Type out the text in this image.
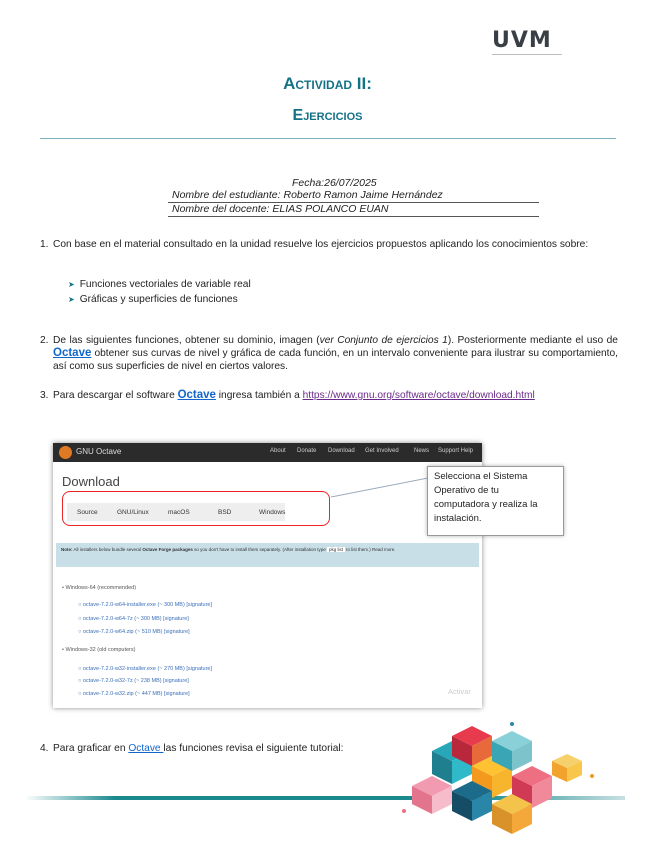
UVM
Actividad II:
Ejercicios
Fecha:26/07/2025
Nombre del estudiante: Roberto Ramon Jaime Hernández
Nombre del docente: ELIAS POLANCO EUAN
1. Con base en el material consultado en la unidad resuelve los ejercicios propuestos aplicando los conocimientos sobre:
➤ Funciones vectoriales de variable real
➤ Gráficas y superficies de funciones
2. De las siguientes funciones, obtener su dominio, imagen (ver Conjunto de ejercicios 1). Posteriormente mediante el uso de Octave obtener sus curvas de nivel y gráfica de cada función, en un intervalo conveniente para ilustrar su comportamiento, así como sus superficies de nivel en ciertos valores.
3. Para descargar el software Octave ingresa también a https://www.gnu.org/software/octave/download.html
GNU Octave	About Donate Download Get Involved	News Support Help
Download
Source	GNU/Linux	macOS	BSD	Windows
Note: All installers below bundle several Octave Forge packages so you don't have to install them separately. (After installation type pkg list to list them.) Read more.
• Windows-64 (recommended)
○ octave-7.2.0-w64-installer.exe (~ 300 MB) [signature]
○ octave-7.2.0-w64-7z (~ 300 MB) [signature]
○ octave-7.2.0-w64.zip (~ 510 MB) [signature]
• Windows-32 (old computers)
○ octave-7.2.0-w32-installer.exe (~ 270 MB) [signature]
○ octave-7.2.0-w32-7z (~ 238 MB) [signature]
○ octave-7.2.0-w32.zip (~ 447 MB) [signature]	Activar
Selecciona el Sistema Operativo de tu computadora y realiza la instalación.
4. Para graficar en Octave las funciones revisa el siguiente tutorial:
